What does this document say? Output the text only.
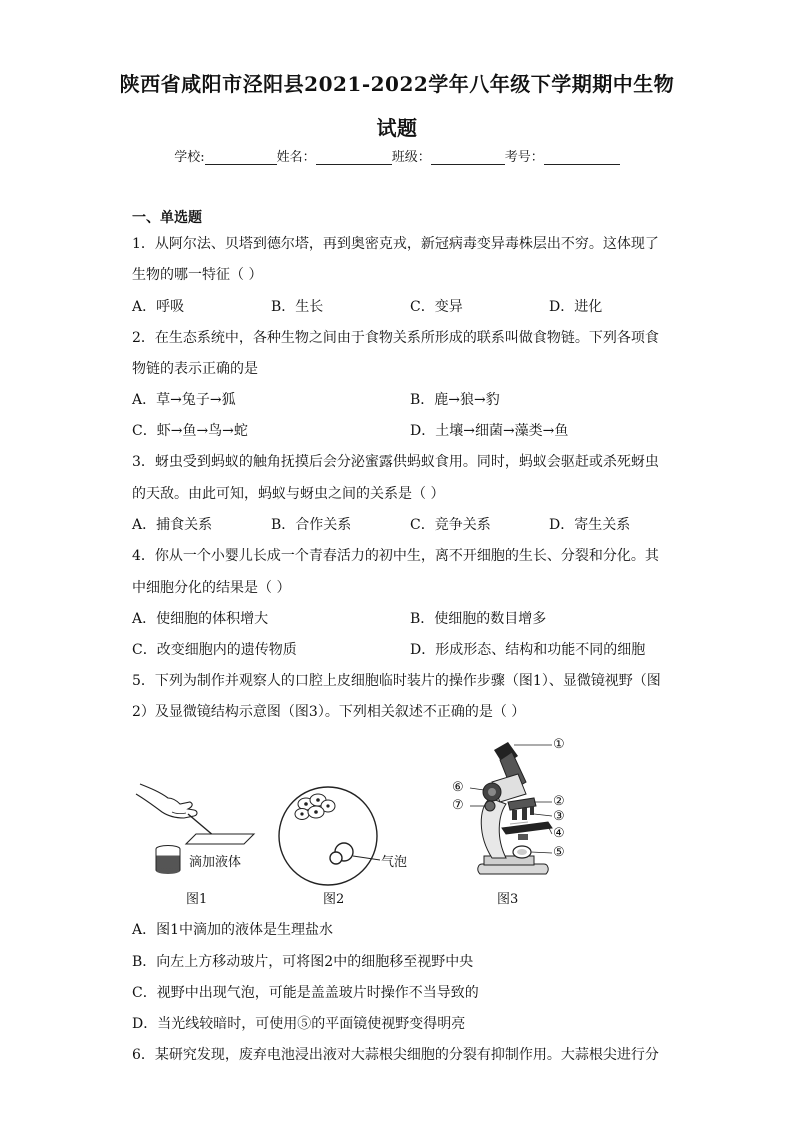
陕西省咸阳市泾阳县2021-2022学年八年级下学期期中生物
试题
学校:	姓名：	班级：	考号：
一、单选题
1．从阿尔法、贝塔到德尔塔，再到奥密克戎，新冠病毒变异毒株层出不穷。这体现了
生物的哪一特征（ ）
A．呼吸	B．生长	C．变异	D．进化
2．在生态系统中，各种生物之间由于食物关系所形成的联系叫做食物链。下列各项食
物链的表示正确的是
A．草→兔子→狐	B．鹿→狼→豹
C．虾→鱼→鸟→蛇	D．土壤→细菌→藻类→鱼
3．蚜虫受到蚂蚁的触角抚摸后会分泌蜜露供蚂蚁食用。同时，蚂蚁会驱赶或杀死蚜虫
的天敌。由此可知，蚂蚁与蚜虫之间的关系是（ ）
A．捕食关系	B．合作关系	C．竞争关系	D．寄生关系
4．你从一个小婴儿长成一个青春活力的初中生，离不开细胞的生长、分裂和分化。其
中细胞分化的结果是（ ）
A．使细胞的体积增大	B．使细胞的数目增多
C．改变细胞内的遗传物质	D．形成形态、结构和功能不同的细胞
5．下列为制作并观察人的口腔上皮细胞临时装片的操作步骤（图1）、显微镜视野（图
2）及显微镜结构示意图（图3）。下列相关叙述不正确的是（ ）
滴加液体
图1
气泡
图2
①
②
③
④
⑤
⑥
⑦
图3
A．图1中滴加的液体是生理盐水
B．向左上方移动玻片，可将图2中的细胞移至视野中央
C．视野中出现气泡，可能是盖盖玻片时操作不当导致的
D．当光线较暗时，可使用⑤的平面镜使视野变得明亮
6．某研究发现，废弃电池浸出液对大蒜根尖细胞的分裂有抑制作用。大蒜根尖进行分
